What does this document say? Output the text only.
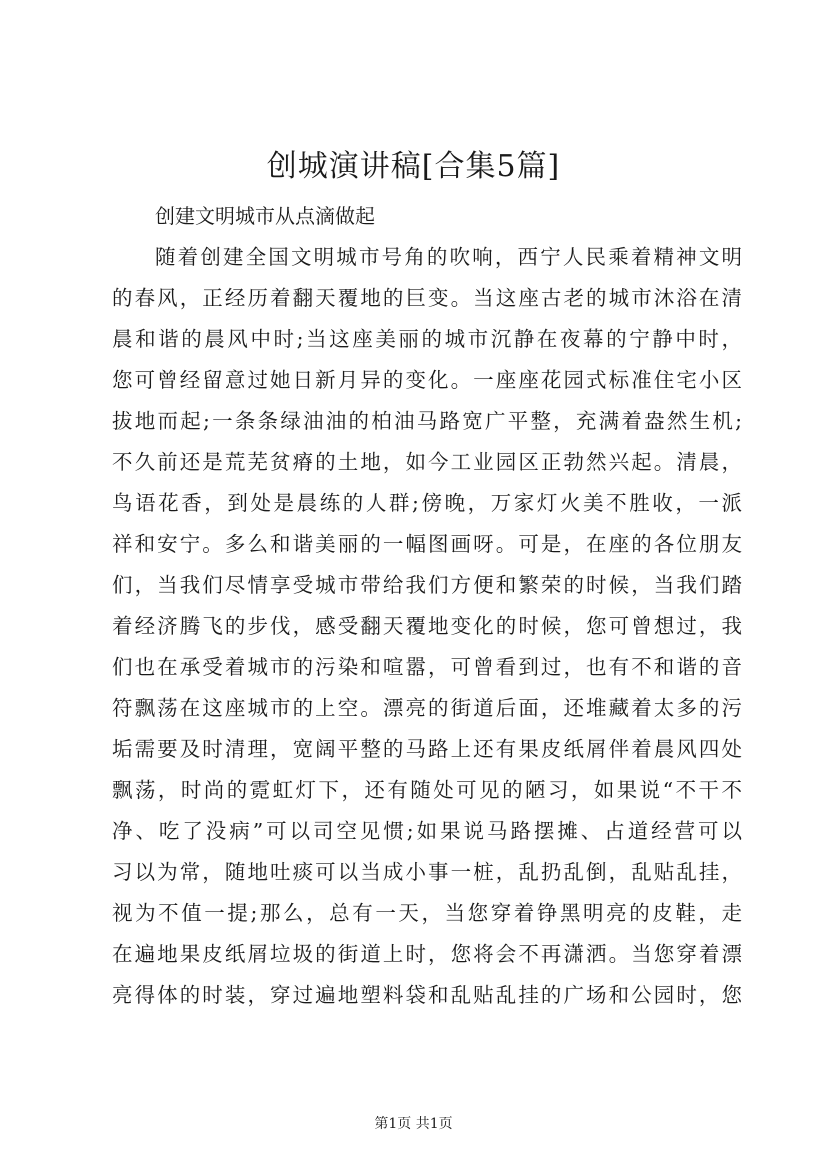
创城演讲稿[合集5篇]
创建文明城市从点滴做起
随着创建全国文明城市号角的吹响，西宁人民乘着精神文明
的春风，正经历着翻天覆地的巨变。当这座古老的城市沐浴在清
晨和谐的晨风中时;当这座美丽的城市沉静在夜幕的宁静中时，
您可曾经留意过她日新月异的变化。一座座花园式标准住宅小区
拔地而起;一条条绿油油的柏油马路宽广平整，充满着盎然生机;
不久前还是荒芜贫瘠的土地，如今工业园区正勃然兴起。清晨，
鸟语花香，到处是晨练的人群;傍晚，万家灯火美不胜收，一派
祥和安宁。多么和谐美丽的一幅图画呀。可是，在座的各位朋友
们，当我们尽情享受城市带给我们方便和繁荣的时候，当我们踏
着经济腾飞的步伐，感受翻天覆地变化的时候，您可曾想过，我
们也在承受着城市的污染和喧嚣，可曾看到过，也有不和谐的音
符飘荡在这座城市的上空。漂亮的街道后面，还堆藏着太多的污
垢需要及时清理，宽阔平整的马路上还有果皮纸屑伴着晨风四处
飘荡，时尚的霓虹灯下，还有随处可见的陋习，如果说“不干不
净、吃了没病”可以司空见惯;如果说马路摆摊、占道经营可以
习以为常，随地吐痰可以当成小事一桩，乱扔乱倒，乱贴乱挂，
视为不值一提;那么，总有一天，当您穿着铮黑明亮的皮鞋，走
在遍地果皮纸屑垃圾的街道上时，您将会不再潇洒。当您穿着漂
亮得体的时装，穿过遍地塑料袋和乱贴乱挂的广场和公园时，您
第1页 共1页
